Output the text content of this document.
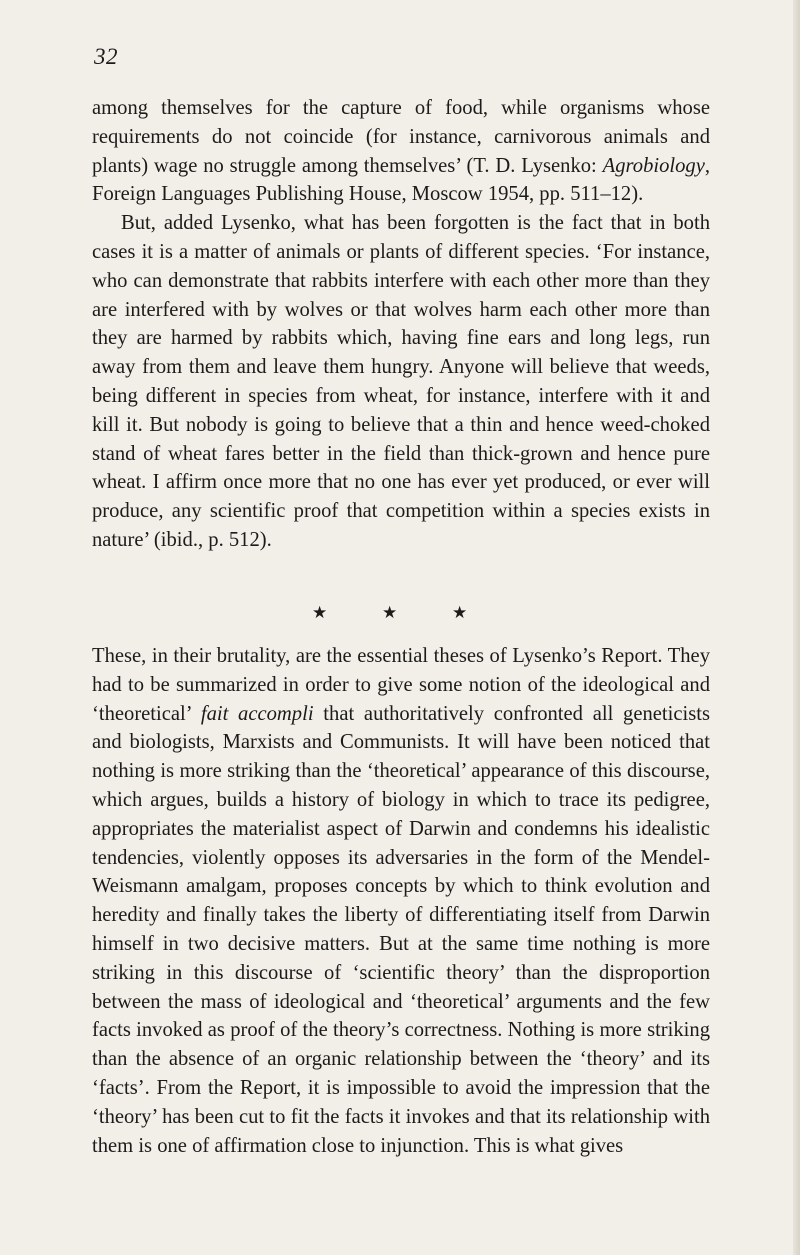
32

among themselves for the capture of food, while organisms whose requirements do not coincide (for instance, carnivorous animals and plants) wage no struggle among themselves’ (T. D. Lysenko: Agrobiology, Foreign Languages Publishing House, Moscow 1954, pp. 511–12).

But, added Lysenko, what has been forgotten is the fact that in both cases it is a matter of animals or plants of different species. ‘For instance, who can demonstrate that rabbits interfere with each other more than they are interfered with by wolves or that wolves harm each other more than they are harmed by rabbits which, having fine ears and long legs, run away from them and leave them hungry. Anyone will believe that weeds, being different in species from wheat, for instance, interfere with it and kill it. But nobody is going to believe that a thin and hence weed-choked stand of wheat fares better in the field than thick-grown and hence pure wheat. I affirm once more that no one has ever yet produced, or ever will produce, any scientific proof that competition within a species exists in nature’ (ibid., p. 512).

★	★	★

These, in their brutality, are the essential theses of Lysenko’s Report. They had to be summarized in order to give some notion of the ideological and ‘theoretical’ fait accompli that authoritatively confronted all geneticists and biologists, Marxists and Communists. It will have been noticed that nothing is more striking than the ‘theoretical’ appearance of this discourse, which argues, builds a history of biology in which to trace its pedigree, appropriates the materialist aspect of Darwin and condemns his idealistic tendencies, violently opposes its adversaries in the form of the Mendel-Weismann amalgam, proposes concepts by which to think evolution and heredity and finally takes the liberty of differentiating itself from Darwin himself in two decisive matters. But at the same time nothing is more striking in this discourse of ‘scientific theory’ than the disproportion between the mass of ideological and ‘theoretical’ arguments and the few facts invoked as proof of the theory’s correctness. Nothing is more striking than the absence of an organic relationship between the ‘theory’ and its ‘facts’. From the Report, it is impossible to avoid the impression that the ‘theory’ has been cut to fit the facts it invokes and that its relationship with them is one of affirmation close to injunction. This is what gives
